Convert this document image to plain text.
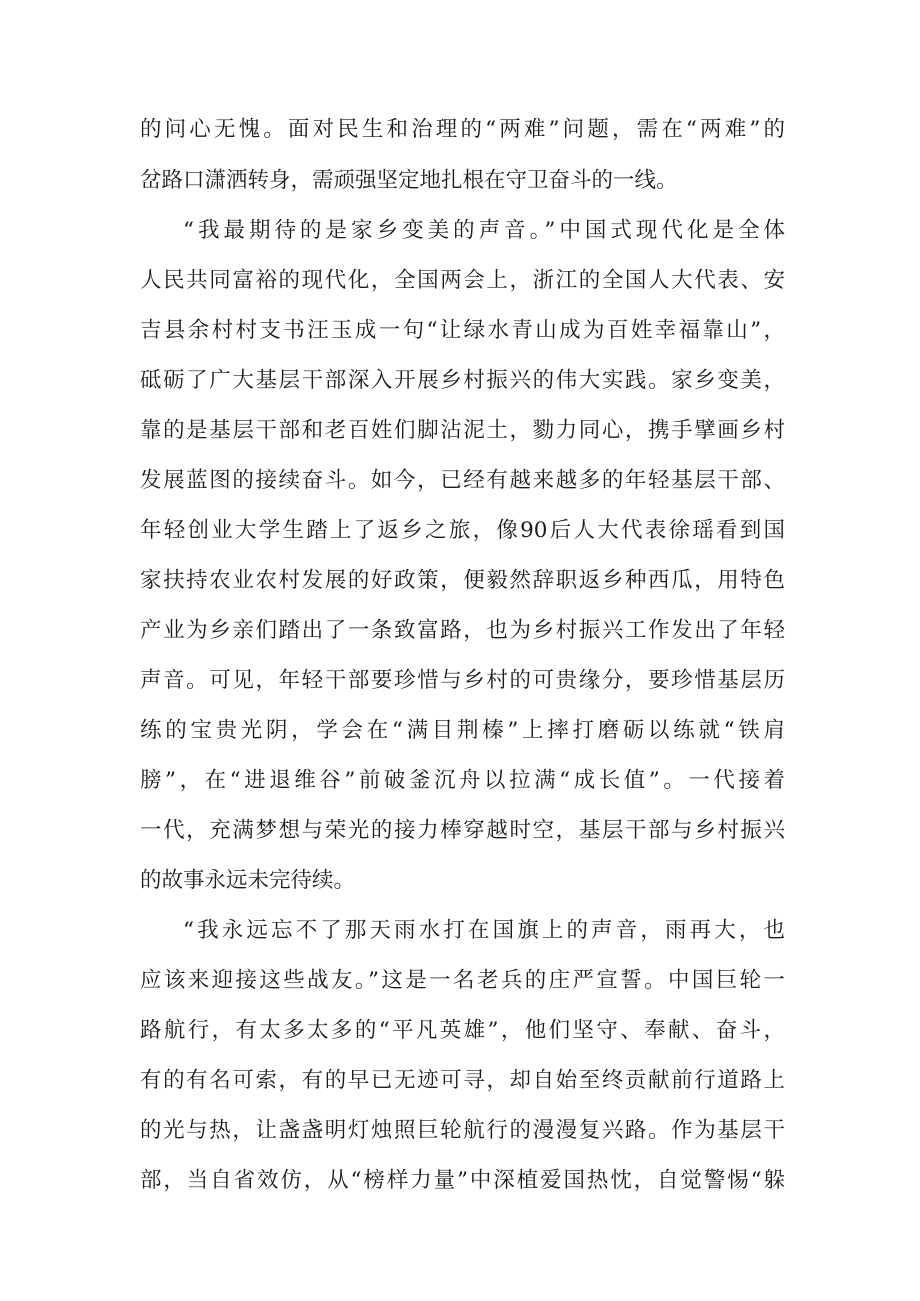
的问心无愧。面对民生和治理的“两难”问题，需在“两难”的
岔路口潇洒转身，需顽强坚定地扎根在守卫奋斗的一线。
“我最期待的是家乡变美的声音。”中国式现代化是全体
人民共同富裕的现代化，全国两会上，浙江的全国人大代表、安
吉县余村村支书汪玉成一句“让绿水青山成为百姓幸福靠山”，
砥砺了广大基层干部深入开展乡村振兴的伟大实践。家乡变美，
靠的是基层干部和老百姓们脚沾泥土，勠力同心，携手擘画乡村
发展蓝图的接续奋斗。如今，已经有越来越多的年轻基层干部、
年轻创业大学生踏上了返乡之旅，像90后人大代表徐瑶看到国
家扶持农业农村发展的好政策，便毅然辞职返乡种西瓜，用特色
产业为乡亲们踏出了一条致富路，也为乡村振兴工作发出了年轻
声音。可见，年轻干部要珍惜与乡村的可贵缘分，要珍惜基层历
练的宝贵光阴，学会在“满目荆榛”上摔打磨砺以练就“铁肩
膀”，在“进退维谷”前破釜沉舟以拉满“成长值”。一代接着
一代，充满梦想与荣光的接力棒穿越时空，基层干部与乡村振兴
的故事永远未完待续。
“我永远忘不了那天雨水打在国旗上的声音，雨再大，也
应该来迎接这些战友。”这是一名老兵的庄严宣誓。中国巨轮一
路航行，有太多太多的“平凡英雄”，他们坚守、奉献、奋斗，
有的有名可索，有的早已无迹可寻，却自始至终贡献前行道路上
的光与热，让盏盏明灯烛照巨轮航行的漫漫复兴路。作为基层干
部，当自省效仿，从“榜样力量”中深植爱国热忱，自觉警惕“躲
